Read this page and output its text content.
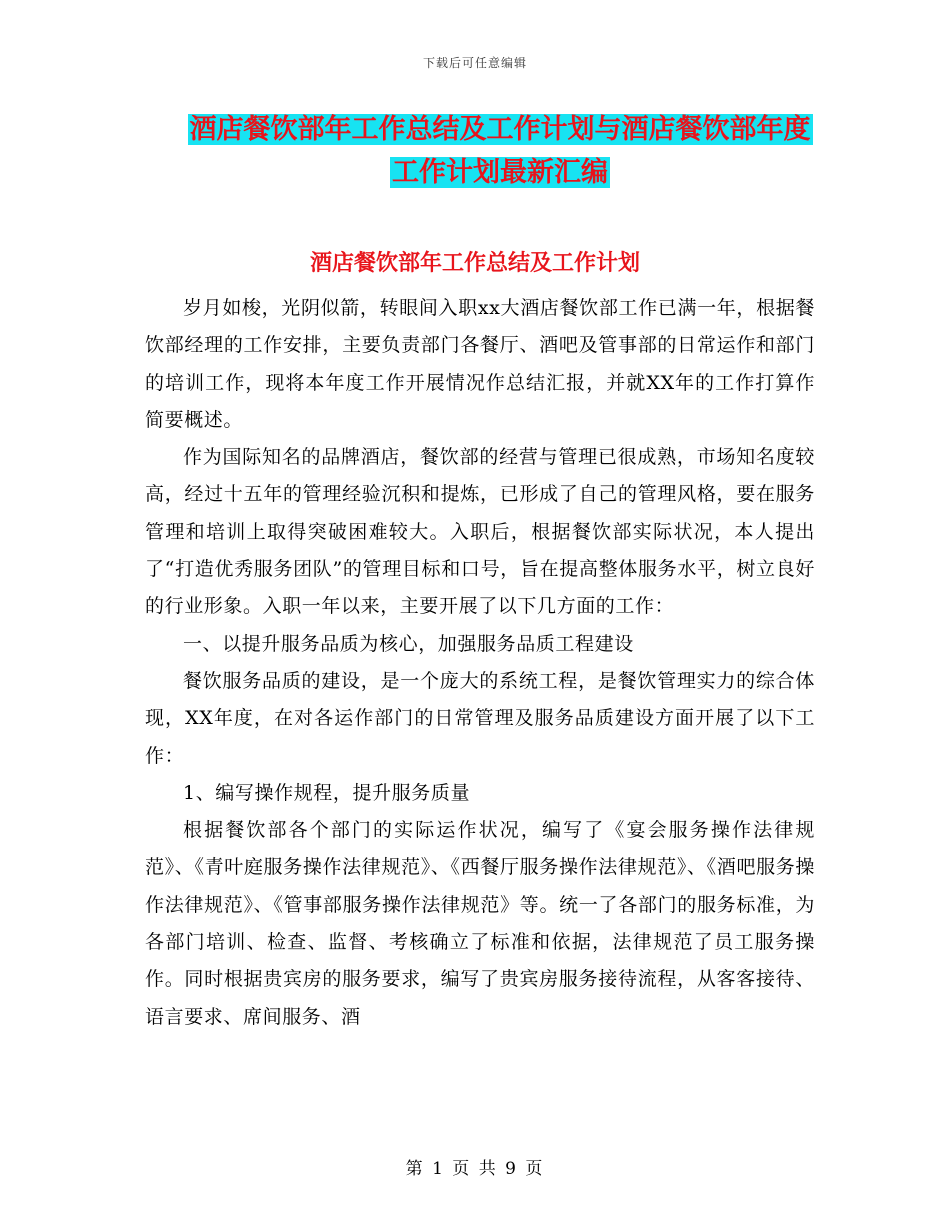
下载后可任意编辑
酒店餐饮部年工作总结及工作计划与酒店餐饮部年度
工作计划最新汇编
酒店餐饮部年工作总结及工作计划

岁月如梭，光阴似箭，转眼间入职xx大酒店餐饮部工作已满一年，根据餐饮部经理的工作安排，主要负责部门各餐厅、酒吧及管事部的日常运作和部门的培训工作，现将本年度工作开展情况作总结汇报，并就XX年的工作打算作简要概述。

作为国际知名的品牌酒店，餐饮部的经营与管理已很成熟，市场知名度较高，经过十五年的管理经验沉积和提炼，已形成了自己的管理风格，要在服务管理和培训上取得突破困难较大。入职后，根据餐饮部实际状况，本人提出了“打造优秀服务团队”的管理目标和口号，旨在提高整体服务水平，树立良好的行业形象。入职一年以来，主要开展了以下几方面的工作：

一、以提升服务品质为核心，加强服务品质工程建设

餐饮服务品质的建设，是一个庞大的系统工程，是餐饮管理实力的综合体现，XX年度，在对各运作部门的日常管理及服务品质建设方面开展了以下工作：

1、编写操作规程，提升服务质量

根据餐饮部各个部门的实际运作状况，编写了《宴会服务操作法律规范》、《青叶庭服务操作法律规范》、《西餐厅服务操作法律规范》、《酒吧服务操作法律规范》、《管事部服务操作法律规范》等。统一了各部门的服务标准，为各部门培训、检查、监督、考核确立了标准和依据，法律规范了员工服务操作。同时根据贵宾房的服务要求，编写了贵宾房服务接待流程，从客客接待、语言要求、席间服务、酒

第 1 页 共 9 页
